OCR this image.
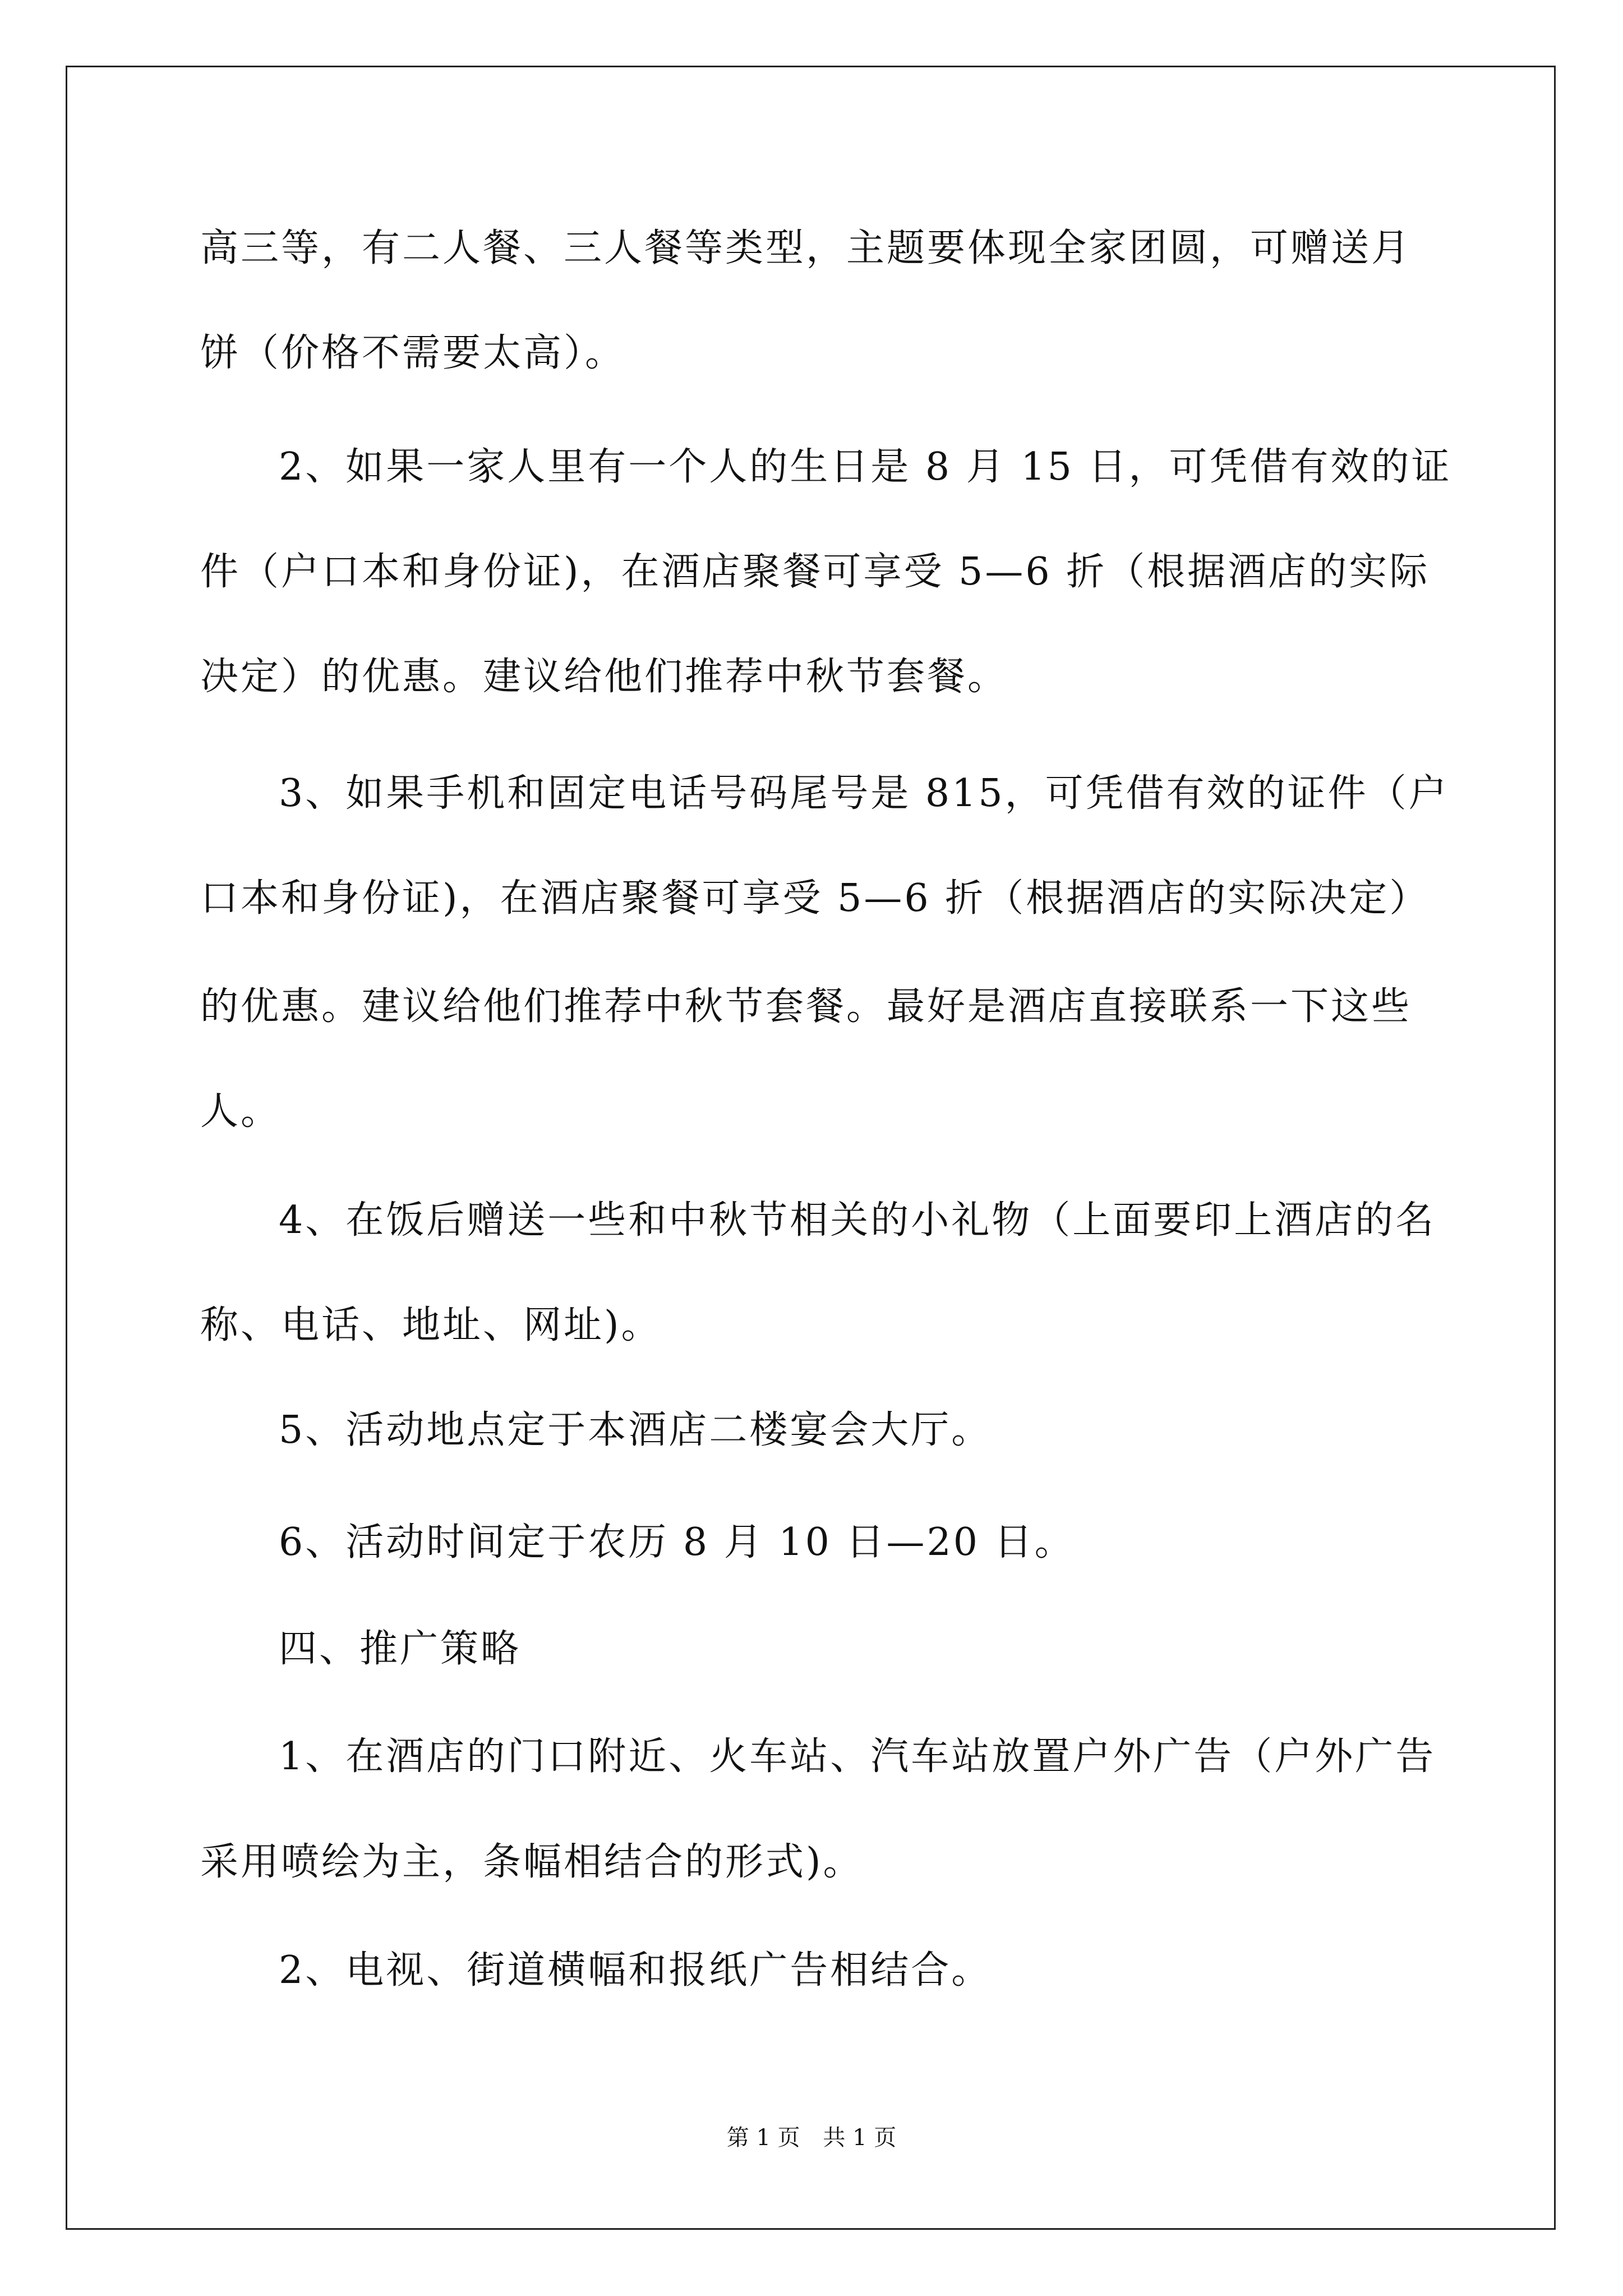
高三等，有二人餐、三人餐等类型，主题要体现全家团圆，可赠送月
饼（价格不需要太高）。
2、如果一家人里有一个人的生日是 8 月 15 日，可凭借有效的证
件（户口本和身份证)，在酒店聚餐可享受 5—6 折（根据酒店的实际
决定）的优惠。建议给他们推荐中秋节套餐。
3、如果手机和固定电话号码尾号是 815，可凭借有效的证件（户
口本和身份证)，在酒店聚餐可享受 5—6 折（根据酒店的实际决定）
的优惠。建议给他们推荐中秋节套餐。最好是酒店直接联系一下这些
人。
4、在饭后赠送一些和中秋节相关的小礼物（上面要印上酒店的名
称、电话、地址、网址)。
5、活动地点定于本酒店二楼宴会大厅。
6、活动时间定于农历 8 月 10 日—20 日。
四、推广策略
1、在酒店的门口附近、火车站、汽车站放置户外广告（户外广告
采用喷绘为主，条幅相结合的形式)。
2、电视、街道横幅和报纸广告相结合。
第 1 页 共 1 页
